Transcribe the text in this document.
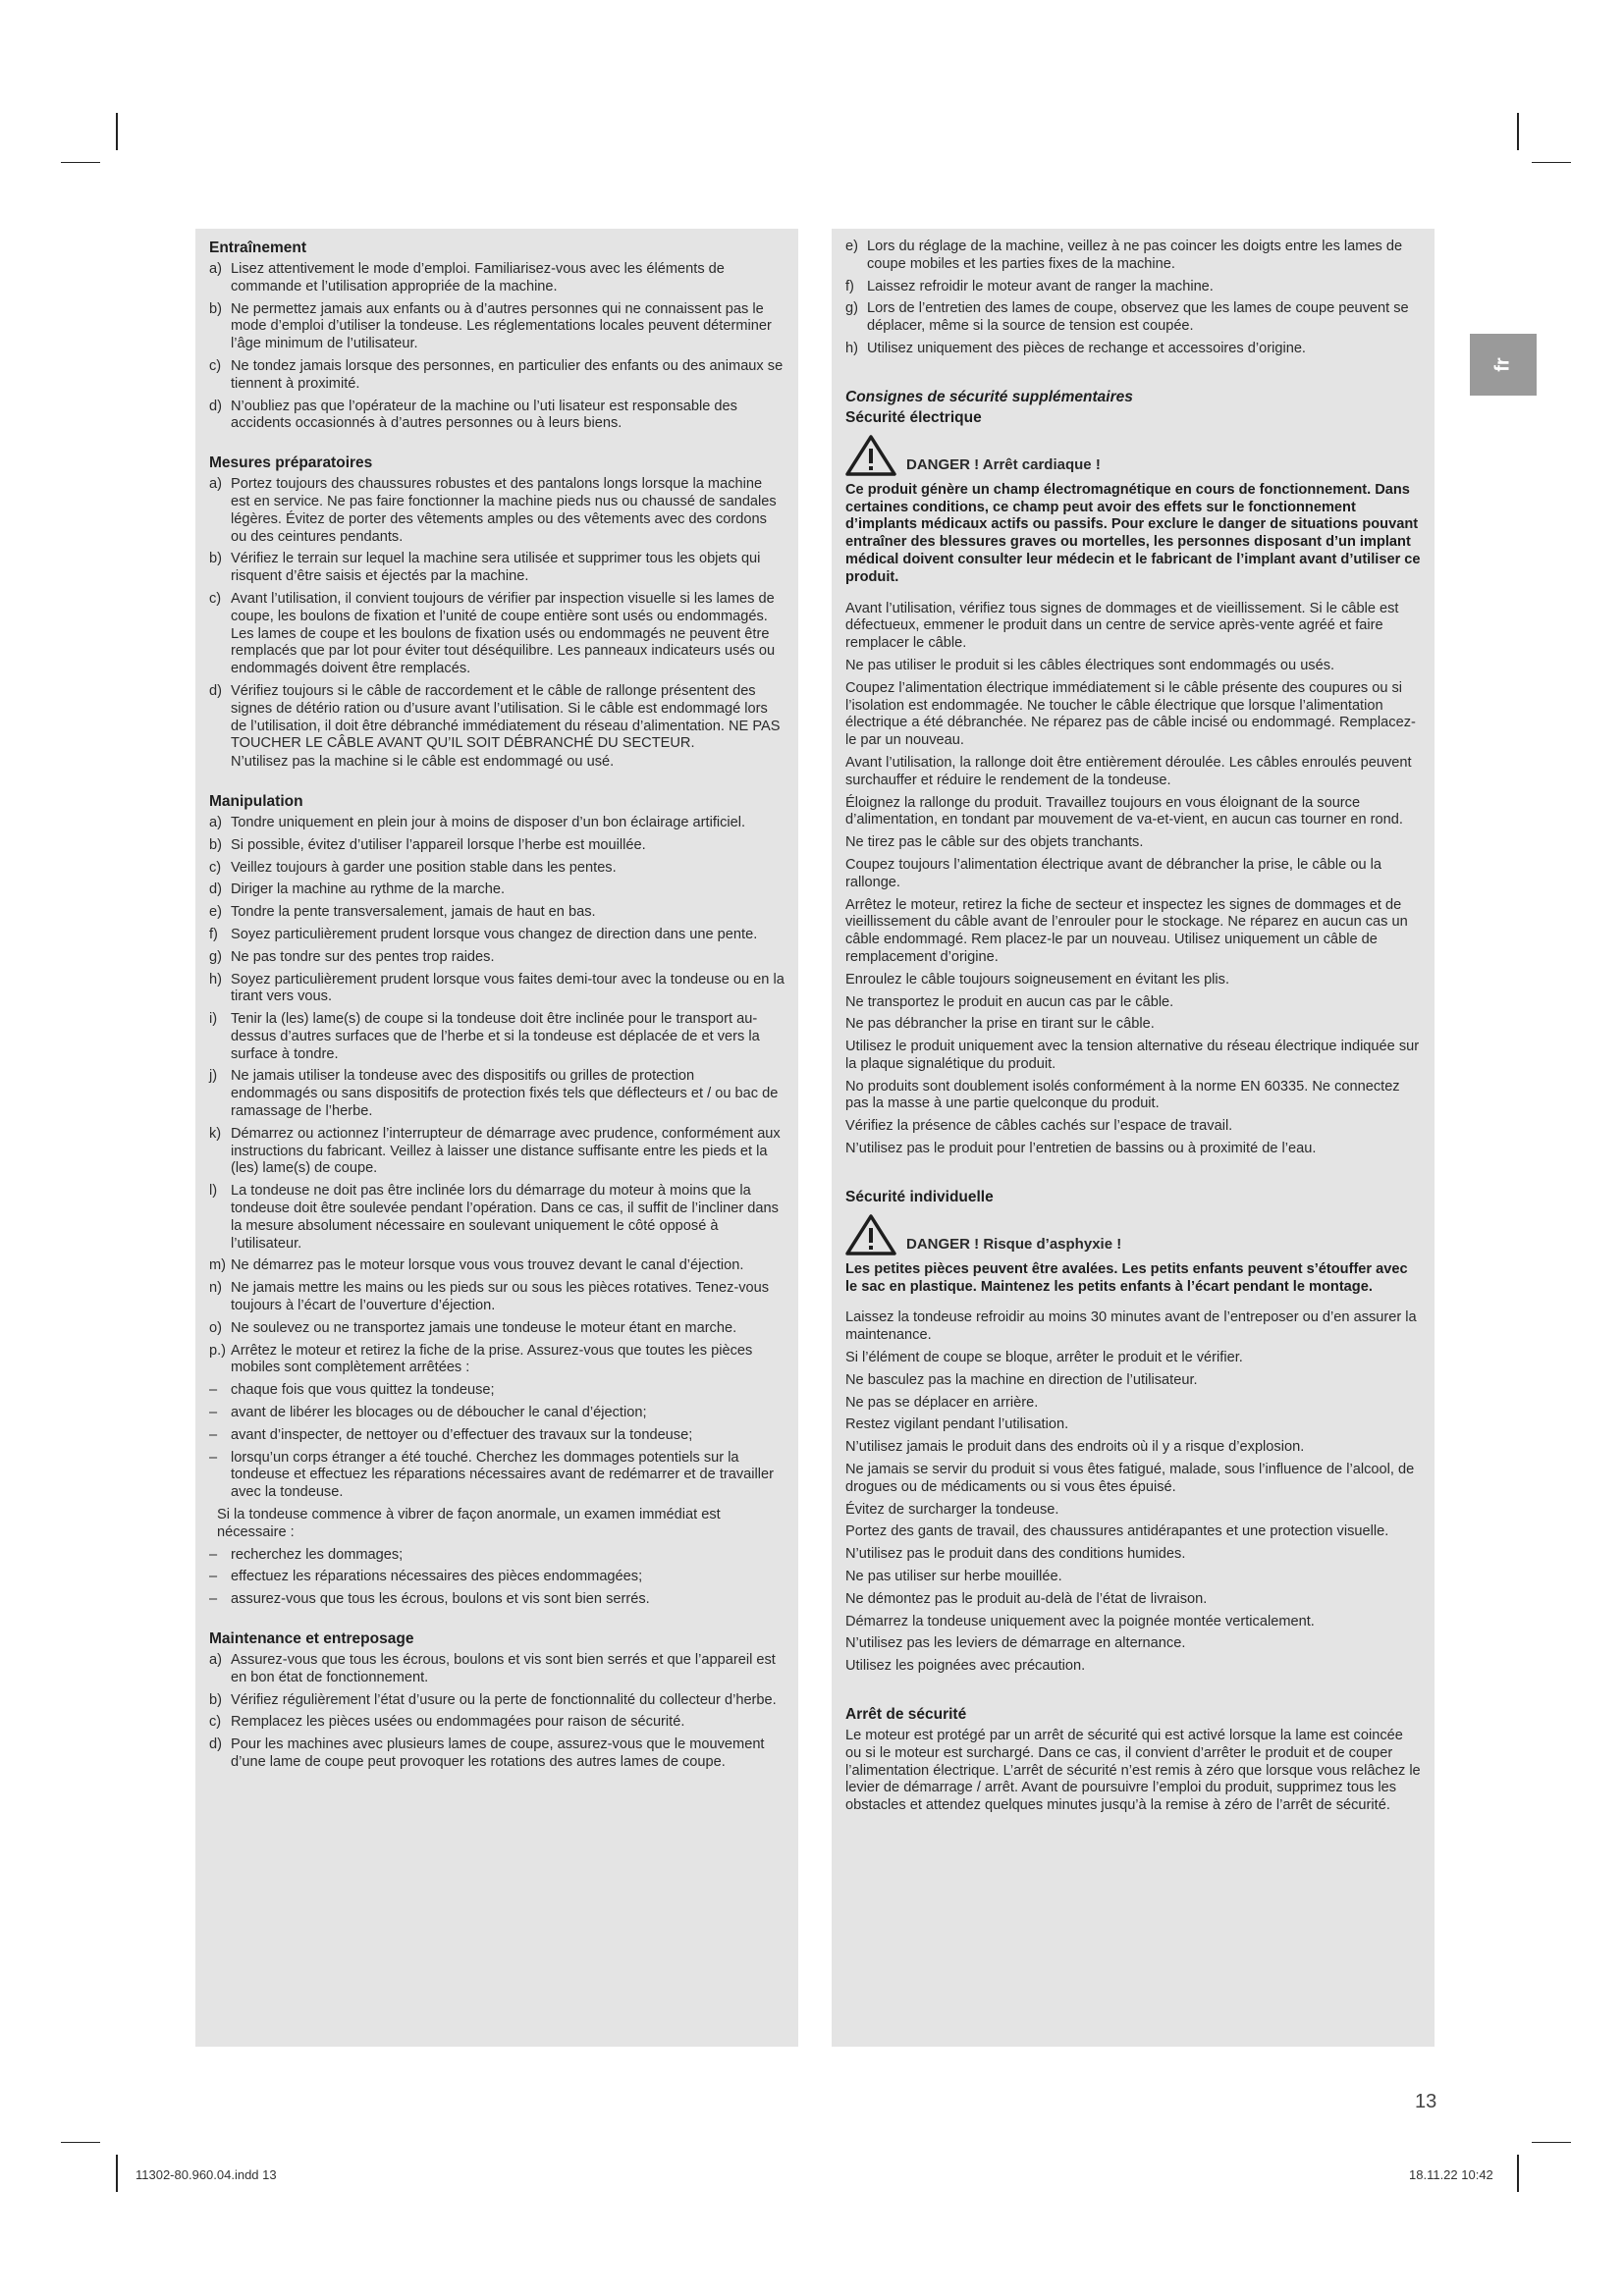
fr
Entraînement
a) Lisez attentivement le mode d’emploi. Familiarisez-vous avec les éléments de commande et l’utilisation appropriée de la machine.
b) Ne permettez jamais aux enfants ou à d’autres personnes qui ne connaissent pas le mode d’emploi d’utiliser la tondeuse. Les réglementations locales peuvent déterminer l’âge minimum de l’utilisateur.
c) Ne tondez jamais lorsque des personnes, en particulier des enfants ou des animaux se tiennent à proximité.
d) N’oubliez pas que l’opérateur de la machine ou l’uti lisateur est responsable des accidents occasionnés à d’autres personnes ou à leurs biens.
Mesures préparatoires
a) Portez toujours des chaussures robustes et des pantalons longs lorsque la machine est en service. Ne pas faire fonctionner la machine pieds nus ou chaussé de sandales légères. Évitez de porter des vêtements amples ou des vêtements avec des cordons ou des ceintures pendants.
b) Vérifiez le terrain sur lequel la machine sera utilisée et supprimer tous les objets qui risquent d’être saisis et éjectés par la machine.
c) Avant l’utilisation, il convient toujours de vérifier par inspection visuelle si les lames de coupe, les boulons de fixation et l’unité de coupe entière sont usés ou endommagés. Les lames de coupe et les boulons de fixation usés ou endommagés ne peuvent être remplacés que par lot pour éviter tout déséquilibre. Les panneaux indicateurs usés ou endommagés doivent être remplacés.
d) Vérifiez toujours si le câble de raccordement et le câble de rallonge présentent des signes de détério ration ou d’usure avant l’utilisation. Si le câble est endommagé lors de l’utilisation, il doit être débranché immédiatement du réseau d’alimentation. NE PAS TOUCHER LE CÂBLE AVANT QU’IL SOIT DÉBRANCHÉ DU SECTEUR.
N’utilisez pas la machine si le câble est endommagé ou usé.
Manipulation
a) Tondre uniquement en plein jour à moins de disposer d’un bon éclairage artificiel.
b) Si possible, évitez d’utiliser l’appareil lorsque l’herbe est mouillée.
c) Veillez toujours à garder une position stable dans les pentes.
d) Diriger la machine au rythme de la marche.
e) Tondre la pente transversalement, jamais de haut en bas.
f) Soyez particulièrement prudent lorsque vous changez de direction dans une pente.
g) Ne pas tondre sur des pentes trop raides.
h) Soyez particulièrement prudent lorsque vous faites demi-tour avec la tondeuse ou en la tirant vers vous.
i) Tenir la (les) lame(s) de coupe si la tondeuse doit être inclinée pour le transport au-dessus d’autres surfaces que de l’herbe et si la tondeuse est déplacée de et vers la surface à tondre.
j) Ne jamais utiliser la tondeuse avec des dispositifs ou grilles de protection endommagés ou sans dispositifs de protection fixés tels que déflecteurs et / ou bac de ramassage de l’herbe.
k) Démarrez ou actionnez l’interrupteur de démarrage avec prudence, conformément aux instructions du fabricant. Veillez à laisser une distance suffisante entre les pieds et la (les) lame(s) de coupe.
l) La tondeuse ne doit pas être inclinée lors du démarrage du moteur à moins que la tondeuse doit être soulevée pendant l’opération. Dans ce cas, il suffit de l’incliner dans la mesure absolument nécessaire en soulevant uniquement le côté opposé à l’utilisateur.
m) Ne démarrez pas le moteur lorsque vous vous trouvez devant le canal d’éjection.
n) Ne jamais mettre les mains ou les pieds sur ou sous les pièces rotatives. Tenez-vous toujours à l’écart de l’ouverture d’éjection.
o) Ne soulevez ou ne transportez jamais une tondeuse le moteur étant en marche.
p.) Arrêtez le moteur et retirez la fiche de la prise. Assurez-vous que toutes les pièces mobiles sont complètement arrêtées :
– chaque fois que vous quittez la tondeuse;
– avant de libérer les blocages ou de déboucher le canal d’éjection;
– avant d’inspecter, de nettoyer ou d’effectuer des travaux sur la tondeuse;
– lorsqu’un corps étranger a été touché. Cherchez les dommages potentiels sur la tondeuse et effectuez les réparations nécessaires avant de redémarrer et de travailler avec la tondeuse.
Si la tondeuse commence à vibrer de façon anormale, un examen immédiat est nécessaire :
– recherchez les dommages;
– effectuez les réparations nécessaires des pièces endommagées;
– assurez-vous que tous les écrous, boulons et vis sont bien serrés.
Maintenance et entreposage
a) Assurez-vous que tous les écrous, boulons et vis sont bien serrés et que l’appareil est en bon état de fonctionnement.
b) Vérifiez régulièrement l’état d’usure ou la perte de fonctionnalité du collecteur d’herbe.
c) Remplacez les pièces usées ou endommagées pour raison de sécurité.
d) Pour les machines avec plusieurs lames de coupe, assurez-vous que le mouvement d’une lame de coupe peut provoquer les rotations des autres lames de coupe.
e) Lors du réglage de la machine, veillez à ne pas coincer les doigts entre les lames de coupe mobiles et les parties fixes de la machine.
f) Laissez refroidir le moteur avant de ranger la machine.
g) Lors de l’entretien des lames de coupe, observez que les lames de coupe peuvent se déplacer, même si la source de tension est coupée.
h) Utilisez uniquement des pièces de rechange et accessoires d’origine.
Consignes de sécurité supplémentaires
Sécurité électrique
DANGER ! Arrêt cardiaque !
Ce produit génère un champ électromagnétique en cours de fonctionnement. Dans certaines conditions, ce champ peut avoir des effets sur le fonctionnement d’implants médicaux actifs ou passifs. Pour exclure le danger de situations pouvant entraîner des blessures graves ou mortelles, les personnes disposant d’un implant médical doivent consulter leur médecin et le fabricant de l’implant avant d’utiliser ce produit.
Avant l’utilisation, vérifiez tous signes de dommages et de vieillissement. Si le câble est défectueux, emmener le produit dans un centre de service après-vente agréé et faire remplacer le câble.
Ne pas utiliser le produit si les câbles électriques sont endommagés ou usés.
Coupez l’alimentation électrique immédiatement si le câble présente des coupures ou si l’isolation est endommagée. Ne toucher le câble électrique que lorsque l’alimentation électrique a été débranchée. Ne réparez pas de câble incisé ou endommagé. Remplacez-le par un nouveau.
Avant l’utilisation, la rallonge doit être entièrement déroulée. Les câbles enroulés peuvent surchauffer et réduire le rendement de la tondeuse.
Éloignez la rallonge du produit. Travaillez toujours en vous éloignant de la source d’alimentation, en tondant par mouvement de va-et-vient, en aucun cas tourner en rond.
Ne tirez pas le câble sur des objets tranchants.
Coupez toujours l’alimentation électrique avant de débrancher la prise, le câble ou la rallonge.
Arrêtez le moteur, retirez la fiche de secteur et inspectez les signes de dommages et de vieillissement du câble avant de l’enrouler pour le stockage. Ne réparez en aucun cas un câble endommagé. Rem placez-le par un nouveau. Utilisez uniquement un câble de remplacement d’origine.
Enroulez le câble toujours soigneusement en évitant les plis.
Ne transportez le produit en aucun cas par le câble.
Ne pas débrancher la prise en tirant sur le câble.
Utilisez le produit uniquement avec la tension alternative du réseau électrique indiquée sur la plaque signalétique du produit.
No produits sont doublement isolés conformément à la norme EN 60335. Ne connectez pas la masse à une partie quelconque du produit.
Vérifiez la présence de câbles cachés sur l’espace de travail.
N’utilisez pas le produit pour l’entretien de bassins ou à proximité de l’eau.
Sécurité individuelle
DANGER ! Risque d’asphyxie !
Les petites pièces peuvent être avalées. Les petits enfants peuvent s’étouffer avec le sac en plastique. Maintenez les petits enfants à l’écart pendant le montage.
Laissez la tondeuse refroidir au moins 30 minutes avant de l’entreposer ou d’en assurer la maintenance.
Si l’élément de coupe se bloque, arrêter le produit et le vérifier.
Ne basculez pas la machine en direction de l’utilisateur.
Ne pas se déplacer en arrière.
Restez vigilant pendant l’utilisation.
N’utilisez jamais le produit dans des endroits où il y a risque d’explosion.
Ne jamais se servir du produit si vous êtes fatigué, malade, sous l’influence de l’alcool, de drogues ou de médicaments ou si vous êtes épuisé.
Évitez de surcharger la tondeuse.
Portez des gants de travail, des chaussures antidérapantes et une protection visuelle.
N’utilisez pas le produit dans des conditions humides.
Ne pas utiliser sur herbe mouillée.
Ne démontez pas le produit au-delà de l’état de livraison.
Démarrez la tondeuse uniquement avec la poignée montée verticalement.
N’utilisez pas les leviers de démarrage en alternance.
Utilisez les poignées avec précaution.
Arrêt de sécurité
Le moteur est protégé par un arrêt de sécurité qui est activé lorsque la lame est coincée ou si le moteur est surchargé. Dans ce cas, il convient d’arrêter le produit et de couper l’alimentation électrique. L’arrêt de sécurité n’est remis à zéro que lorsque vous relâchez le levier de démarrage / arrêt. Avant de poursuivre l’emploi du produit, supprimez tous les obstacles et attendez quelques minutes jusqu’à la remise à zéro de l’arrêt de sécurité.
13
11302-80.960.04.indd 13	18.11.22 10:42
